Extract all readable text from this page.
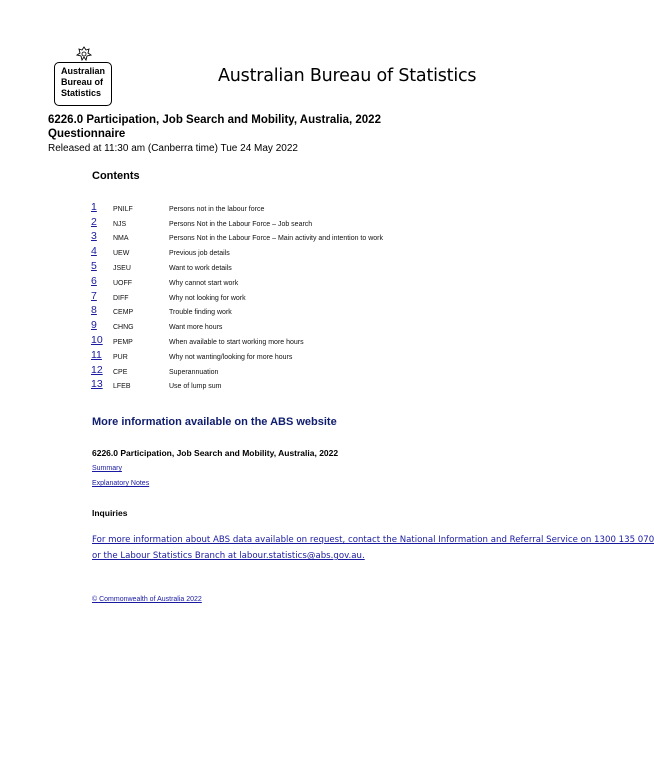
Australian
Bureau of
Statistics
Australian Bureau of Statistics
6226.0 Participation, Job Search and Mobility, Australia, 2022
Questionnaire
Released at 11:30 am (Canberra time) Tue 24 May 2022
Contents
1 PNILF	Persons not in the labour force
2 NJS	Persons Not in the Labour Force – Job search
3 NMA	Persons Not in the Labour Force – Main activity and intention to work
4 UEW	Previous job details
5 JSEU	Want to work details
6 UOFF	Why cannot start work
7 DIFF	Why not looking for work
8 CEMP	Trouble finding work
9 CHNG	Want more hours
10 PEMP	When available to start working more hours
11 PUR	Why not wanting/looking for more hours
12 CPE	Superannuation
13 LFEB	Use of lump sum
More information available on the ABS website
6226.0 Participation, Job Search and Mobility, Australia, 2022
Summary
Explanatory Notes
Inquiries
For more information about ABS data available on request, contact the National Information and Referral Service on 1300 135 070
or the Labour Statistics Branch at labour.statistics@abs.gov.au.
© Commonwealth of Australia 2022
